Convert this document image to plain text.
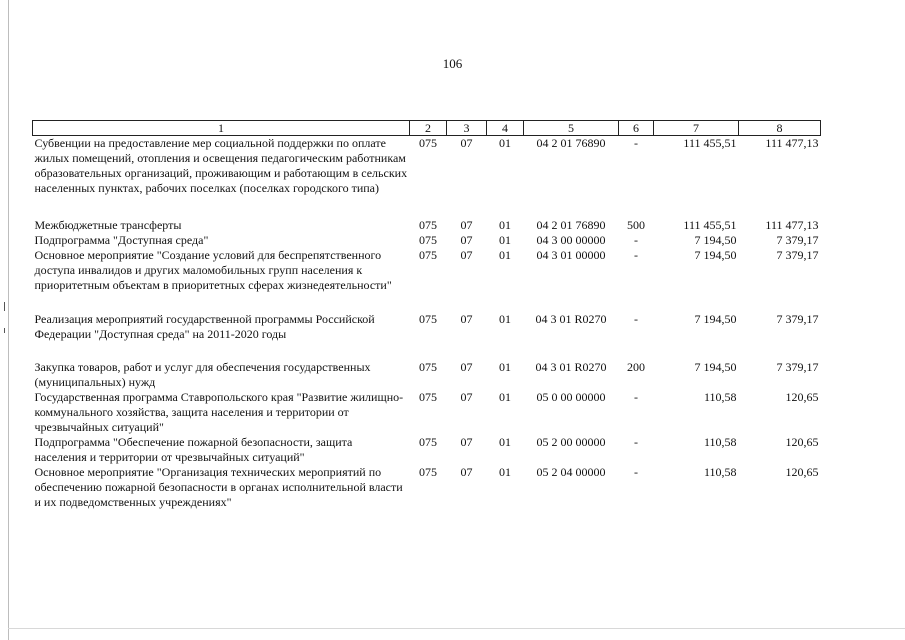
106
1	2	3	4	5	6	7	8
Субвенции на предоставление мер социальной поддержки по оплате жилых помещений, отопления и освещения педагогическим работникам образовательных организаций, проживающим и работающим в сельских населенных пунктах, рабочих поселках (поселках городского типа)	075	07	01	04 2 01 76890	-	111 455,51	111 477,13
Межбюджетные трансферты	075	07	01	04 2 01 76890	500	111 455,51	111 477,13
Подпрограмма "Доступная среда"	075	07	01	04 3 00 00000	-	7 194,50	7 379,17
Основное мероприятие "Создание условий для беспрепятственного доступа инвалидов и других маломобильных групп населения к приоритетным объектам в приоритетных сферах жизнедеятельности"	075	07	01	04 3 01 00000	-	7 194,50	7 379,17
Реализация мероприятий государственной программы Российской Федерации "Доступная среда" на 2011-2020 годы	075	07	01	04 3 01 R0270	-	7 194,50	7 379,17

Закупка товаров, работ и услуг для обеспечения государственных (муниципальных) нужд	075	07	01	04 3 01 R0270	200	7 194,50	7 379,17
Государственная программа Ставропольского края "Развитие жилищно-коммунального хозяйства, защита населения и территории от чрезвычайных ситуаций"	075	07	01	05 0 00 00000	-	110,58	120,65
Подпрограмма "Обеспечение пожарной безопасности, защита населения и территории от чрезвычайных ситуаций"	075	07	01	05 2 00 00000	-	110,58	120,65
Основное мероприятие "Организация технических мероприятий по обеспечению пожарной безопасности в органах исполнительной власти и их подведомственных учреждениях"	075	07	01	05 2 04 00000	-	110,58	120,65
